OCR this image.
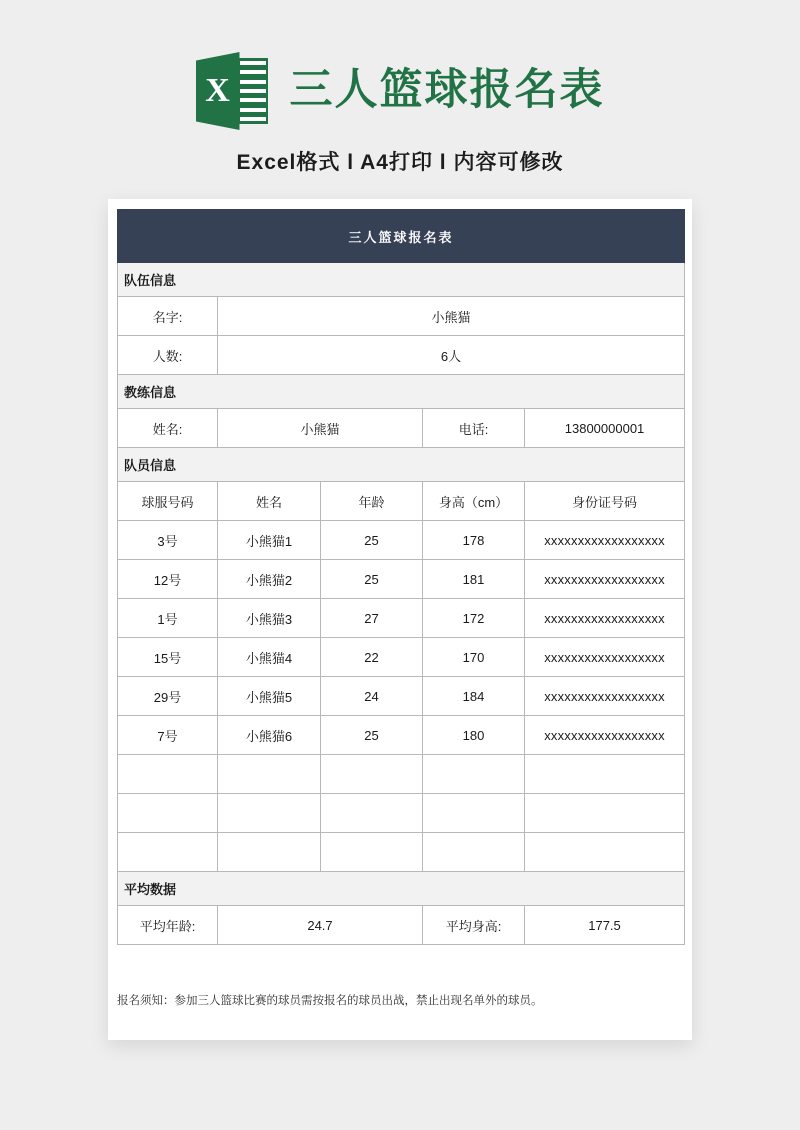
X 三人篮球报名表
Excel格式 l A4打印 l 内容可修改
三人篮球报名表				
队伍信息				
名字:	小熊猫			
人数:	6人			
教练信息				
姓名:	小熊猫		电话:	13800000001
队员信息				
球服号码	姓名	年龄	身高（cm）	身份证号码
3号	小熊猫1	25	178	xxxxxxxxxxxxxxxxxx
12号	小熊猫2	25	181	xxxxxxxxxxxxxxxxxx
1号	小熊猫3	27	172	xxxxxxxxxxxxxxxxxx
15号	小熊猫4	22	170	xxxxxxxxxxxxxxxxxx
29号	小熊猫5	24	184	xxxxxxxxxxxxxxxxxx
7号	小熊猫6	25	180	xxxxxxxxxxxxxxxxxx

平均数据				
平均年龄:	24.7		平均身高:	177.5
报名须知：参加三人篮球比赛的球员需按报名的球员出战，禁止出现名单外的球员。
